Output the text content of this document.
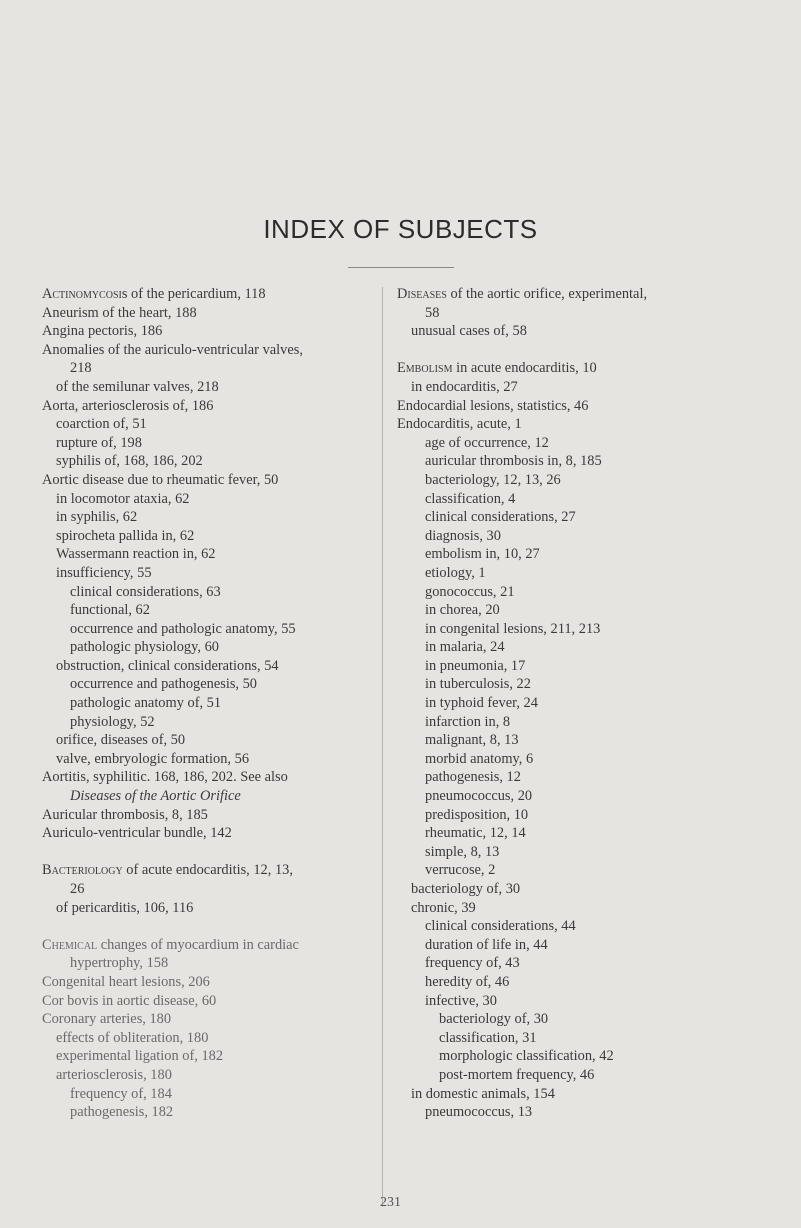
INDEX OF SUBJECTS
Actinomycosis of the pericardium, 118
Aneurism of the heart, 188
Angina pectoris, 186
Anomalies of the auriculo-ventricular valves,
218
of the semilunar valves, 218
Aorta, arteriosclerosis of, 186
coarction of, 51
rupture of, 198
syphilis of, 168, 186, 202
Aortic disease due to rheumatic fever, 50
in locomotor ataxia, 62
in syphilis, 62
spirocheta pallida in, 62
Wassermann reaction in, 62
insufficiency, 55
clinical considerations, 63
functional, 62
occurrence and pathologic anatomy, 55
pathologic physiology, 60
obstruction, clinical considerations, 54
occurrence and pathogenesis, 50
pathologic anatomy of, 51
physiology, 52
orifice, diseases of, 50
valve, embryologic formation, 56
Aortitis, syphilitic. 168, 186, 202. See also
Diseases of the Aortic Orifice
Auricular thrombosis, 8, 185
Auriculo-ventricular bundle, 142
Bacteriology of acute endocarditis, 12, 13,
26
of pericarditis, 106, 116
Chemical changes of myocardium in cardiac
hypertrophy, 158
Congenital heart lesions, 206
Cor bovis in aortic disease, 60
Coronary arteries, 180
effects of obliteration, 180
experimental ligation of, 182
arteriosclerosis, 180
frequency of, 184
pathogenesis, 182
Diseases of the aortic orifice, experimental,
58
unusual cases of, 58
Embolism in acute endocarditis, 10
in endocarditis, 27
Endocardial lesions, statistics, 46
Endocarditis, acute, 1
age of occurrence, 12
auricular thrombosis in, 8, 185
bacteriology, 12, 13, 26
classification, 4
clinical considerations, 27
diagnosis, 30
embolism in, 10, 27
etiology, 1
gonococcus, 21
in chorea, 20
in congenital lesions, 211, 213
in malaria, 24
in pneumonia, 17
in tuberculosis, 22
in typhoid fever, 24
infarction in, 8
malignant, 8, 13
morbid anatomy, 6
pathogenesis, 12
pneumococcus, 20
predisposition, 10
rheumatic, 12, 14
simple, 8, 13
verrucose, 2
bacteriology of, 30
chronic, 39
clinical considerations, 44
duration of life in, 44
frequency of, 43
heredity of, 46
infective, 30
bacteriology of, 30
classification, 31
morphologic classification, 42
post-mortem frequency, 46
in domestic animals, 154
pneumococcus, 13
231
